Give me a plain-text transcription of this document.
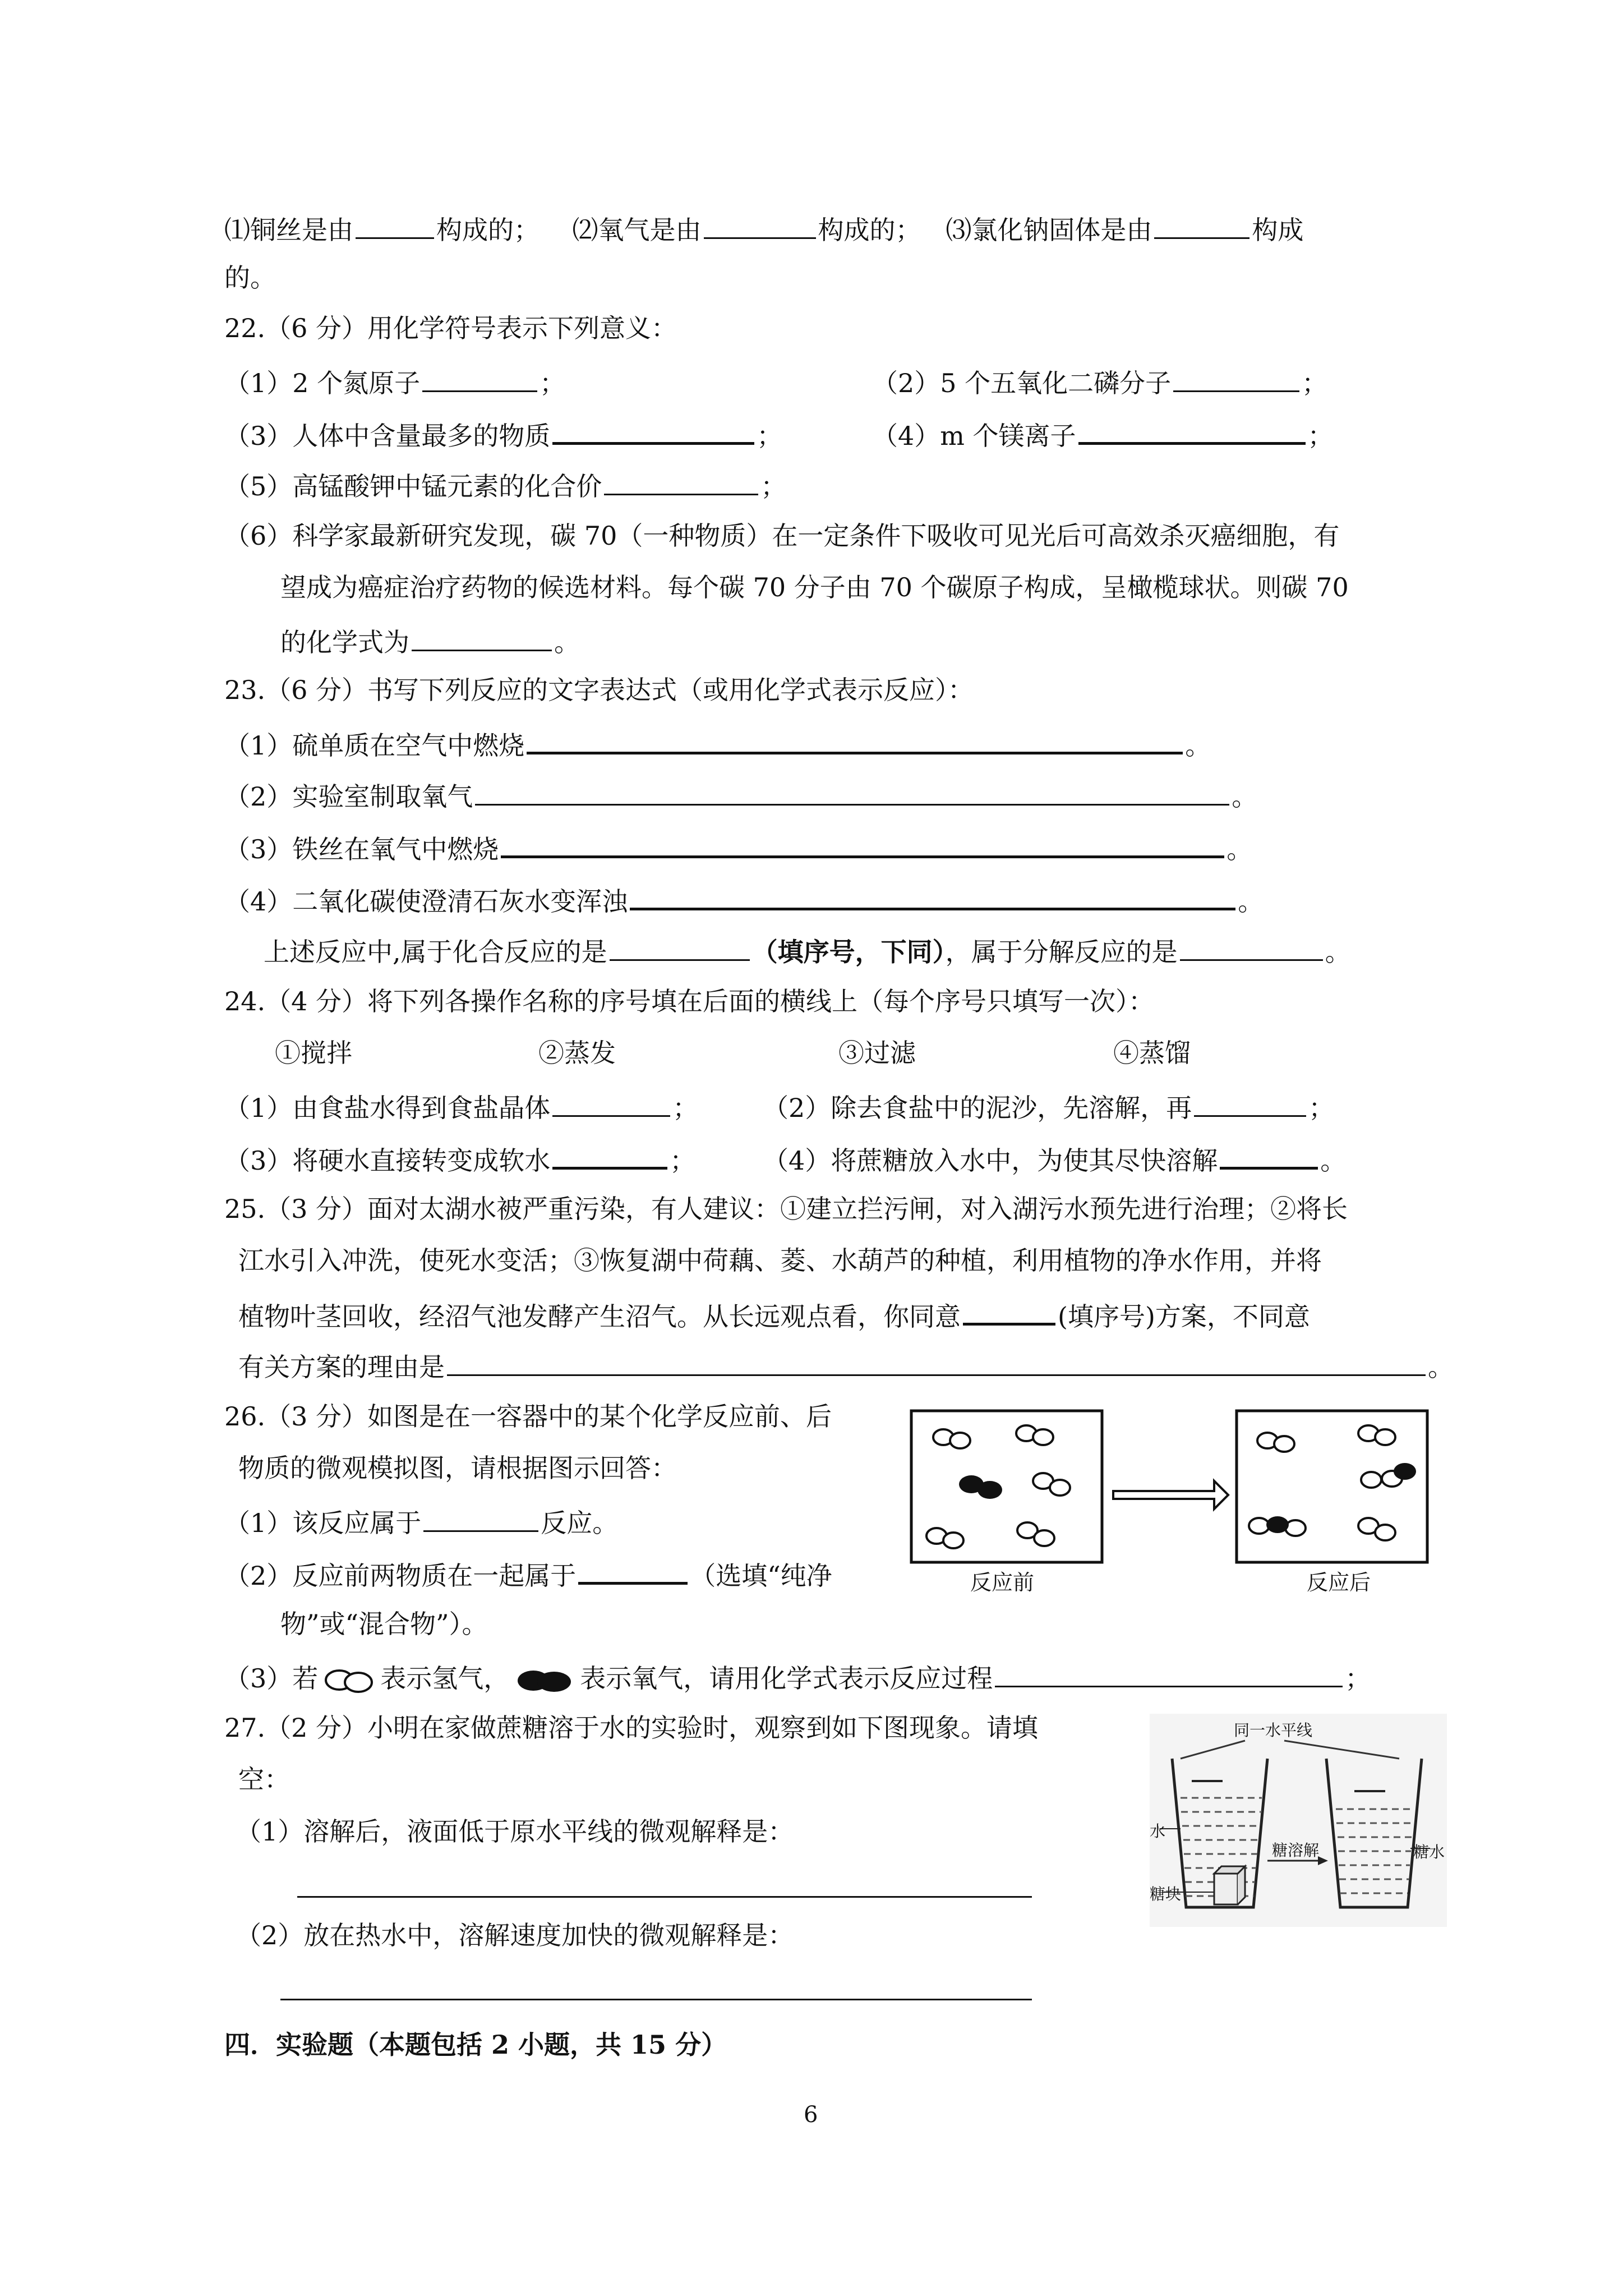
⑴铜丝是由	构成的； ⑵氧气是由	构成的； ⑶氯化钠固体是由	构成
的。
22.（6 分）用化学符号表示下列意义：
（1）2 个氮原子	；	（2）5 个五氧化二磷分子	；
（3）人体中含量最多的物质	；	（4）m 个镁离子	；
（5）高锰酸钾中锰元素的化合价	；
（6）科学家最新研究发现，碳 70（一种物质）在一定条件下吸收可见光后可高效杀灭癌细胞，有
望成为癌症治疗药物的候选材料。每个碳 70 分子由 70 个碳原子构成，呈橄榄球状。则碳 70
的化学式为	。
23.（6 分）书写下列反应的文字表达式（或用化学式表示反应）：
（1）硫单质在空气中燃烧	。
（2）实验室制取氧气	。
（3）铁丝在氧气中燃烧	。
（4）二氧化碳使澄清石灰水变浑浊	。
上述反应中,属于化合反应的是	（填序号，下同），属于分解反应的是	。
24.（4 分）将下列各操作名称的序号填在后面的横线上（每个序号只填写一次）：
①搅拌	②蒸发	③过滤	④蒸馏
（1）由食盐水得到食盐晶体	； （2）除去食盐中的泥沙，先溶解，再	；
（3）将硬水直接转变成软水	；	（4）将蔗糖放入水中，为使其尽快溶解	。
25.（3 分）面对太湖水被严重污染，有人建议：①建立拦污闸，对入湖污水预先进行治理；②将长
江水引入冲洗，使死水变活；③恢复湖中荷藕、菱、水葫芦的种植，利用植物的净水作用，并将
植物叶茎回收，经沼气池发酵产生沼气。从长远观点看，你同意	(填序号)方案，不同意
有关方案的理由是	。
26.（3 分）如图是在一容器中的某个化学反应前、后
物质的微观模拟图，请根据图示回答：
（1）该反应属于	反应。
（2）反应前两物质在一起属于	（选填“纯净
物”或“混合物”）。
（3）若 表示氢气，	表示氧气，请用化学式表示反应过程	；
反应前	反应后
27.（2 分）小明在家做蔗糖溶于水的实验时，观察到如下图现象。请填
空：
（1）溶解后，液面低于原水平线的微观解释是：
（2）放在热水中，溶解速度加快的微观解释是：
同一水平线
水
糖块
糖溶解	糖水
四．实验题（本题包括 2 小题，共 15 分）
6
